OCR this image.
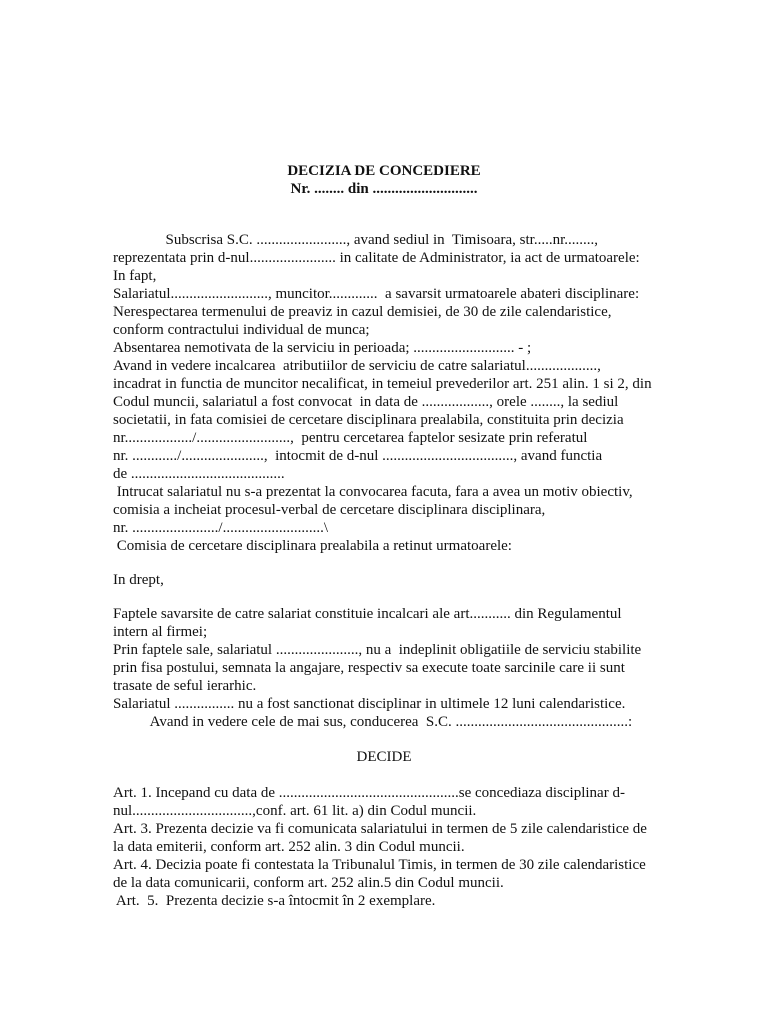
DECIZIA DE CONCEDIERE
Nr. ........ din ............................
Subscrisa S.C. ........................, avand sediul in  Timisoara, str.....nr........,
reprezentata prin d-nul....................... in calitate de Administrator, ia act de urmatoarele:
In fapt,
Salariatul.........................., muncitor.............  a savarsit urmatoarele abateri disciplinare:
Nerespectarea termenului de preaviz in cazul demisiei, de 30 de zile calendaristice,
conform contractului individual de munca;
Absentarea nemotivata de la serviciu in perioada; ........................... - ;
Avand in vedere incalcarea  atributiilor de serviciu de catre salariatul...................,
incadrat in functia de muncitor necalificat, in temeiul prevederilor art. 251 alin. 1 si 2, din
Codul muncii, salariatul a fost convocat  in data de .................., orele ........, la sediul
societatii, in fata comisiei de cercetare disciplinara prealabila, constituita prin decizia
nr................../.........................,  pentru cercetarea faptelor sesizate prin referatul
nr. ............/......................,  intocmit de d-nul ..................................., avand functia
de .........................................
Intrucat salariatul nu s-a prezentat la convocarea facuta, fara a avea un motiv obiectiv,
comisia a incheiat procesul-verbal de cercetare disciplinara disciplinara,
nr. ......................./...........................\
Comisia de cercetare disciplinara prealabila a retinut urmatoarele:
In drept,
Faptele savarsite de catre salariat constituie incalcari ale art........... din Regulamentul
intern al firmei;
Prin faptele sale, salariatul ......................, nu a  indeplinit obligatiile de serviciu stabilite
prin fisa postului, semnata la angajare, respectiv sa execute toate sarcinile care ii sunt
trasate de seful ierarhic.
Salariatul ................ nu a fost sanctionat disciplinar in ultimele 12 luni calendaristice.
Avand in vedere cele de mai sus, conducerea  S.C. ..............................................:
DECIDE
Art. 1. Incepand cu data de ................................................se concediaza disciplinar d-
nul................................,conf. art. 61 lit. a) din Codul muncii.
Art. 3. Prezenta decizie va fi comunicata salariatului in termen de 5 zile calendaristice de
la data emiterii, conform art. 252 alin. 3 din Codul muncii.
Art. 4. Decizia poate fi contestata la Tribunalul Timis, in termen de 30 zile calendaristice
de la data comunicarii, conform art. 252 alin.5 din Codul muncii.
Art.  5.  Prezenta decizie s-a întocmit în 2 exemplare.
